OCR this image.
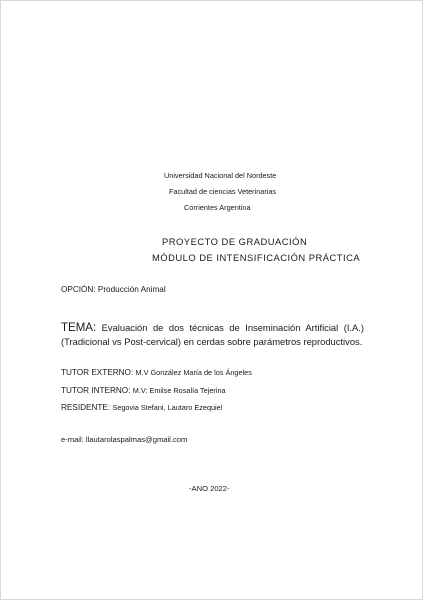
Universidad Nacional del Nordeste
Facultad de ciencias Veterinarias
Corrientes Argentina
PROYECTO DE GRADUACIÓN
MÓDULO DE INTENSIFICACIÓN PRÁCTICA
OPCIÓN: Producción Animal
TEMA: Evaluación de dos técnicas de Inseminación Artificial (I.A.) (Tradicional vs Post-cervical) en cerdas sobre parámetros reproductivos.
TUTOR EXTERNO: M.V González María de los Ángeles
TUTOR INTERNO: M.V: Emilse Rosalía Tejerina
RESIDENTE: Segovia Stefani, Lautaro Ezequiel
e-mail: llautarolaspalmas@gmail.com
-ANO 2022-
